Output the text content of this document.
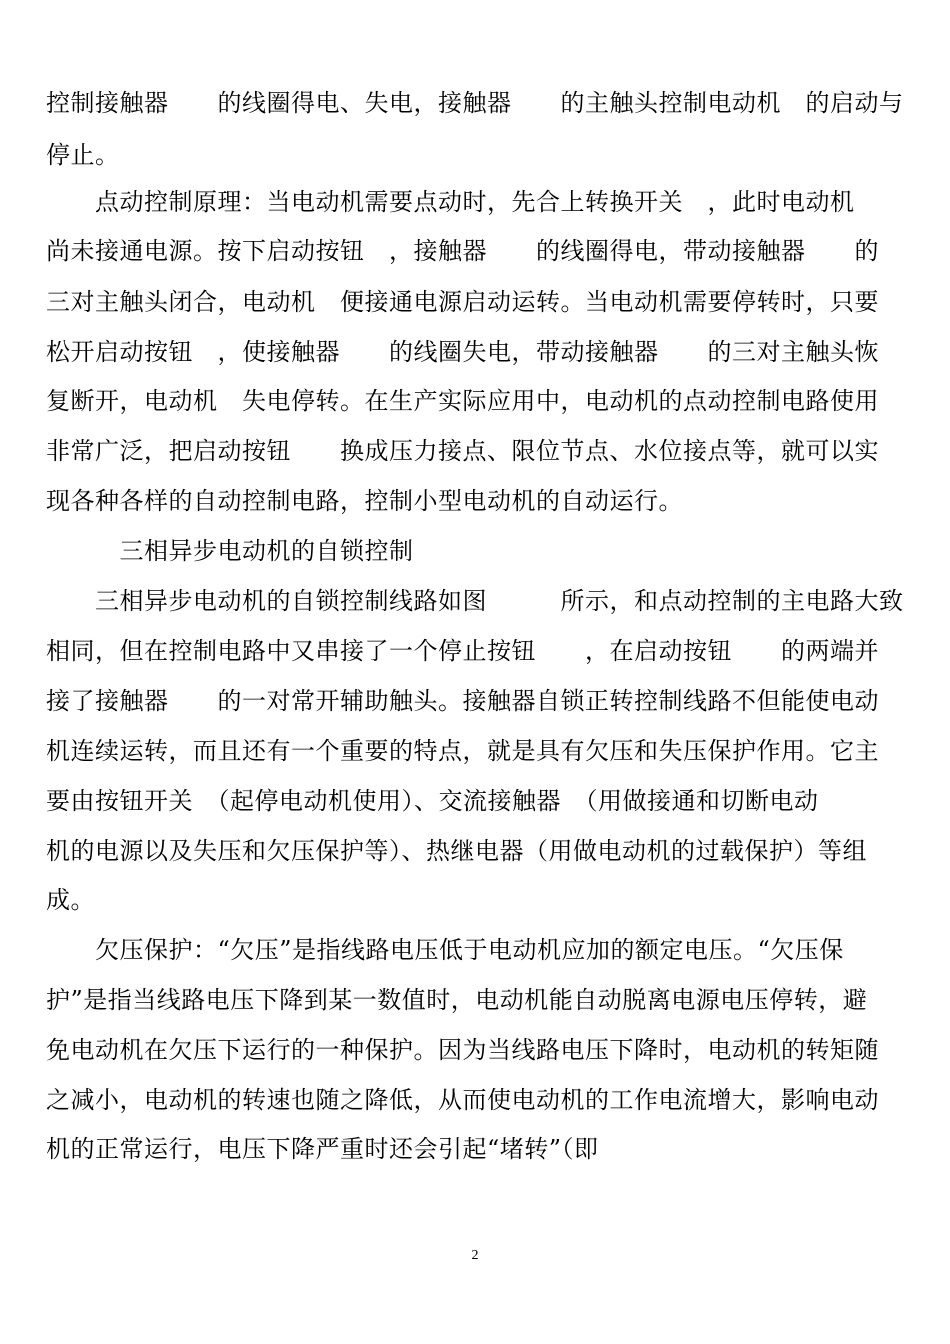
控制接触器　　的线圈得电、失电，接触器　　的主触头控制电动机　的启动与
停止。
　　点动控制原理：当电动机需要点动时，先合上转换开关　，此时电动机
尚未接通电源。按下启动按钮　，接触器　　的线圈得电，带动接触器　　的
三对主触头闭合，电动机　便接通电源启动运转。当电动机需要停转时，只要
松开启动按钮　，使接触器　　的线圈失电，带动接触器　　的三对主触头恢
复断开，电动机　失电停转。在生产实际应用中，电动机的点动控制电路使用
非常广泛，把启动按钮　　换成压力接点、限位节点、水位接点等，就可以实
现各种各样的自动控制电路，控制小型电动机的自动运行。
　　　三相异步电动机的自锁控制
　　三相异步电动机的自锁控制线路如图　　　所示，和点动控制的主电路大致
相同，但在控制电路中又串接了一个停止按钮　　，在启动按钮　　的两端并
接了接触器　　的一对常开辅助触头。接触器自锁正转控制线路不但能使电动
机连续运转，而且还有一个重要的特点，就是具有欠压和失压保护作用。它主
要由按钮开关　（起停电动机使用）、交流接触器　（用做接通和切断电动
机的电源以及失压和欠压保护等）、热继电器（用做电动机的过载保护）等组
成。
　　欠压保护：“欠压”是指线路电压低于电动机应加的额定电压。“欠压保
护”是指当线路电压下降到某一数值时，电动机能自动脱离电源电压停转，避
免电动机在欠压下运行的一种保护。因为当线路电压下降时，电动机的转矩随
之减小，电动机的转速也随之降低，从而使电动机的工作电流增大，影响电动
机的正常运行，电压下降严重时还会引起“堵转”（即
2
